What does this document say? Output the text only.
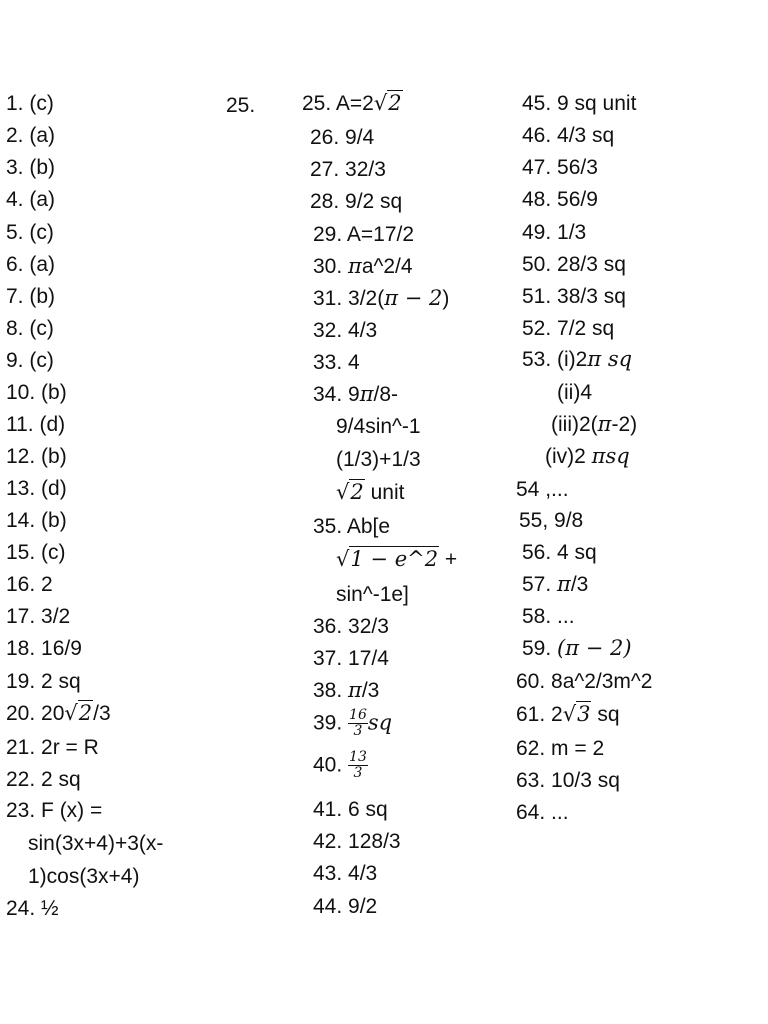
1. (c)
2. (a)
3. (b)
4. (a)
5. (c)
6. (a)
7. (b)
8. (c)
9. (c)
10. (b)
11. (d)
12. (b)
13. (d)
14. (b)
15. (c)
16. 2
17. 3/2
18. 16/9
19. 2 sq
20. 20√2/3
21. 2r = R
22. 2 sq
23. F (x) =
sin(3x+4)+3(x-
1)cos(3x+4)
24. ½
25. 25. A=2√2
26. 9/4
27. 32/3
28. 9/2 sq
29. A=17/2
30. πa^2/4
31. 3/2(π − 2)
32. 4/3
33. 4
34. 9π/8-
9/4sin^-1
(1/3)+1/3
√2 unit
35. Ab[e
√1 − e^2 +
sin^-1e]
36. 32/3
37. 17/4
38. π/3
39. $\frac{16}{3}$ sq
40. $\frac{13}{3}$
41. 6 sq
42. 128/3
43. 4/3
44. 9/2
45. 9 sq unit
46. 4/3 sq
47. 56/3
48. 56/9
49. 1/3
50. 28/3 sq
51. 38/3 sq
52. 7/2 sq
53. (i)2π sq
(ii)4
(iii)2(π-2)
(iv)2 πsq
54 ,...
55, 9/8
56. 4 sq
57. π/3
58. ...
59. (π − 2)
60. 8a^2/3m^2
61. 2√3 sq
62. m = 2
63. 10/3 sq
64. ...
